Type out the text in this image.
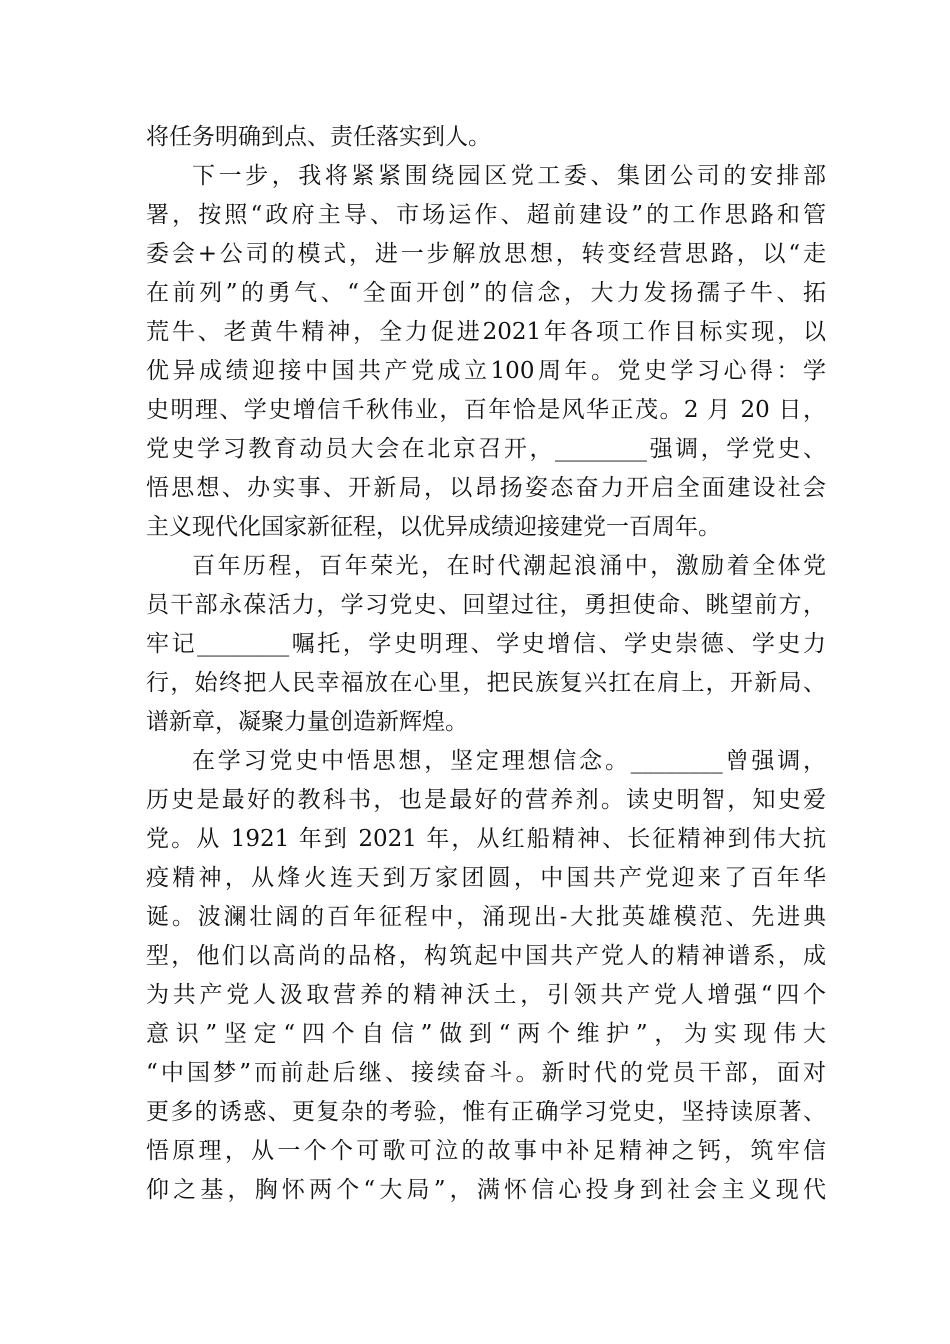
将任务明确到点、责任落实到人。
下一步，我将紧紧围绕园区党工委、集团公司的安排部
署，按照“政府主导、市场运作、超前建设”的工作思路和管
委会+公司的模式，进一步解放思想，转变经营思路，以“走
在前列”的勇气、“全面开创”的信念，大力发扬孺子牛、拓
荒牛、老黄牛精神，全力促进2021年各项工作目标实现，以
优异成绩迎接中国共产党成立100周年。党史学习心得：学
史明理、学史增信千秋伟业，百年恰是风华正茂。2 月 20 日，
党史学习教育动员大会在北京召开，________强调，学党史、
悟思想、办实事、开新局，以昂扬姿态奋力开启全面建设社会
主义现代化国家新征程，以优异成绩迎接建党一百周年。
百年历程，百年荣光，在时代潮起浪涌中，激励着全体党
员干部永葆活力，学习党史、回望过往，勇担使命、眺望前方，
牢记________嘱托，学史明理、学史增信、学史崇德、学史力
行，始终把人民幸福放在心里，把民族复兴扛在肩上，开新局、
谱新章，凝聚力量创造新辉煌。
在学习党史中悟思想，坚定理想信念。________曾强调，
历史是最好的教科书，也是最好的营养剂。读史明智，知史爱
党。从 1921 年到 2021 年，从红船精神、长征精神到伟大抗
疫精神，从烽火连天到万家团圆，中国共产党迎来了百年华
诞。波澜壮阔的百年征程中，涌现出-大批英雄模范、先进典
型，他们以高尚的品格，构筑起中国共产党人的精神谱系，成
为共产党人汲取营养的精神沃土，引领共产党人增强“四个
意识”坚定“四个自信”做到“两个维护”，为实现伟大
“中国梦”而前赴后继、接续奋斗。新时代的党员干部，面对
更多的诱惑、更复杂的考验，惟有正确学习党史，坚持读原著、
悟原理，从一个个可歌可泣的故事中补足精神之钙，筑牢信
仰之基，胸怀两个“大局”，满怀信心投身到社会主义现代
